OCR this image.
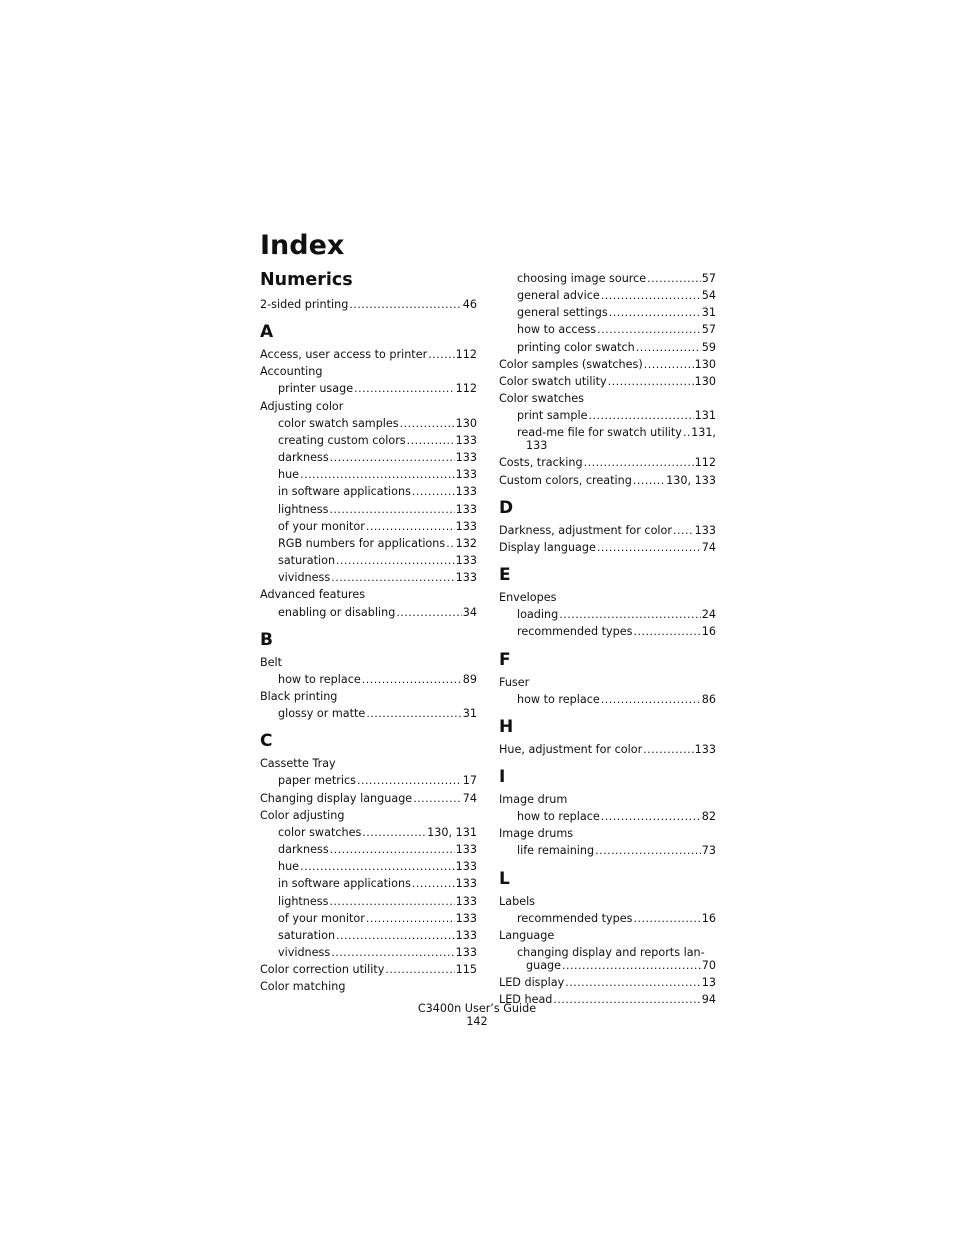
Index
Numerics
2-sided printing . . .	46
A
Access, user access to printer . . .	112
Accounting
printer usage . . .	112
Adjusting color
color swatch samples . . .	130
creating custom colors . . .	133
darkness . . .	133
hue . . .	133
in software applications . . .	133
lightness . . .	133
of your monitor . . .	133
RGB numbers for applications . . . 132
saturation . . .	133
vividness . . .	133
Advanced features
enabling or disabling . . .	34
B
Belt
how to replace . . .	89
Black printing
glossy or matte . . .	31
C
Cassette Tray
paper metrics . . .	17
Changing display language . . .	74
Color adjusting
color swatches . . .	130, 131
darkness . . .	133
hue . . .	133
in software applications . . .	133
lightness . . .	133
of your monitor . . .	133
saturation . . .	133
vividness . . .	133
Color correction utility . . .	115
Color matching
choosing image source . . .	57
general advice . . .	54
general settings . . .	31
how to access . . .	57
printing color swatch . . .	59
Color samples (swatches) . . .	130
Color swatch utility . . .	130
Color swatches
print sample . . .	131
read-me file for swatch utility . . . 131,
133
Costs, tracking . . .	112
Custom colors, creating . . .	130, 133
D
Darkness, adjustment for color . . . 133
Display language . . .	74
E
Envelopes
loading . . .	24
recommended types . . .	16
F
Fuser
how to replace . . .	86
H
Hue, adjustment for color . . .	133
I
Image drum
how to replace . . .	82
Image drums
life remaining . . .	73
L
Labels
recommended types . . .	16
Language
changing display and reports lan-
guage . . .	70
LED display . . .	13
LED head . . .	94
C3400n User’s Guide
142
